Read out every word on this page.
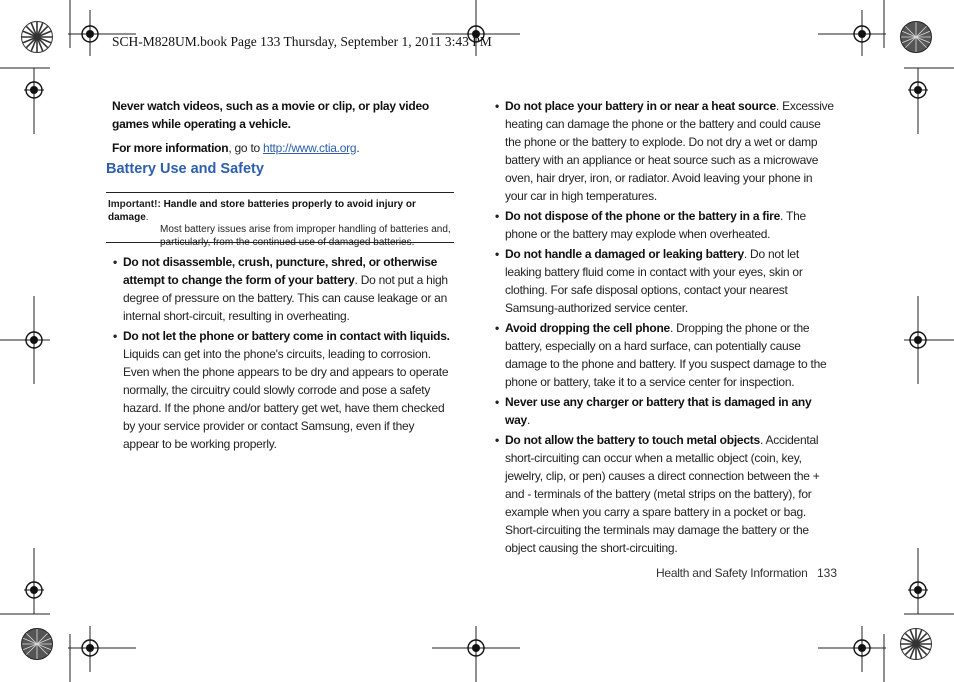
SCH-M828UM.book Page 133 Thursday, September 1, 2011 3:43 PM
Never watch videos, such as a movie or clip, or play video games while operating a vehicle.
For more information, go to http://www.ctia.org.
Battery Use and Safety
Important!: Handle and store batteries properly to avoid injury or damage.
Most battery issues arise from improper handling of batteries and, particularly, from the continued use of damaged batteries.
• Do not disassemble, crush, puncture, shred, or otherwise attempt to change the form of your battery. Do not put a high degree of pressure on the battery. This can cause leakage or an internal short-circuit, resulting in overheating.
• Do not let the phone or battery come in contact with liquids. Liquids can get into the phone's circuits, leading to corrosion. Even when the phone appears to be dry and appears to operate normally, the circuitry could slowly corrode and pose a safety hazard. If the phone and/or battery get wet, have them checked by your service provider or contact Samsung, even if they appear to be working properly.
• Do not place your battery in or near a heat source. Excessive heating can damage the phone or the battery and could cause the phone or the battery to explode. Do not dry a wet or damp battery with an appliance or heat source such as a microwave oven, hair dryer, iron, or radiator. Avoid leaving your phone in your car in high temperatures.
• Do not dispose of the phone or the battery in a fire. The phone or the battery may explode when overheated.
• Do not handle a damaged or leaking battery. Do not let leaking battery fluid come in contact with your eyes, skin or clothing. For safe disposal options, contact your nearest Samsung-authorized service center.
• Avoid dropping the cell phone. Dropping the phone or the battery, especially on a hard surface, can potentially cause damage to the phone and battery. If you suspect damage to the phone or battery, take it to a service center for inspection.
• Never use any charger or battery that is damaged in any way.
• Do not allow the battery to touch metal objects. Accidental short-circuiting can occur when a metallic object (coin, key, jewelry, clip, or pen) causes a direct connection between the + and - terminals of the battery (metal strips on the battery), for example when you carry a spare battery in a pocket or bag. Short-circuiting the terminals may damage the battery or the object causing the short-circuiting.
Health and Safety Information 133
